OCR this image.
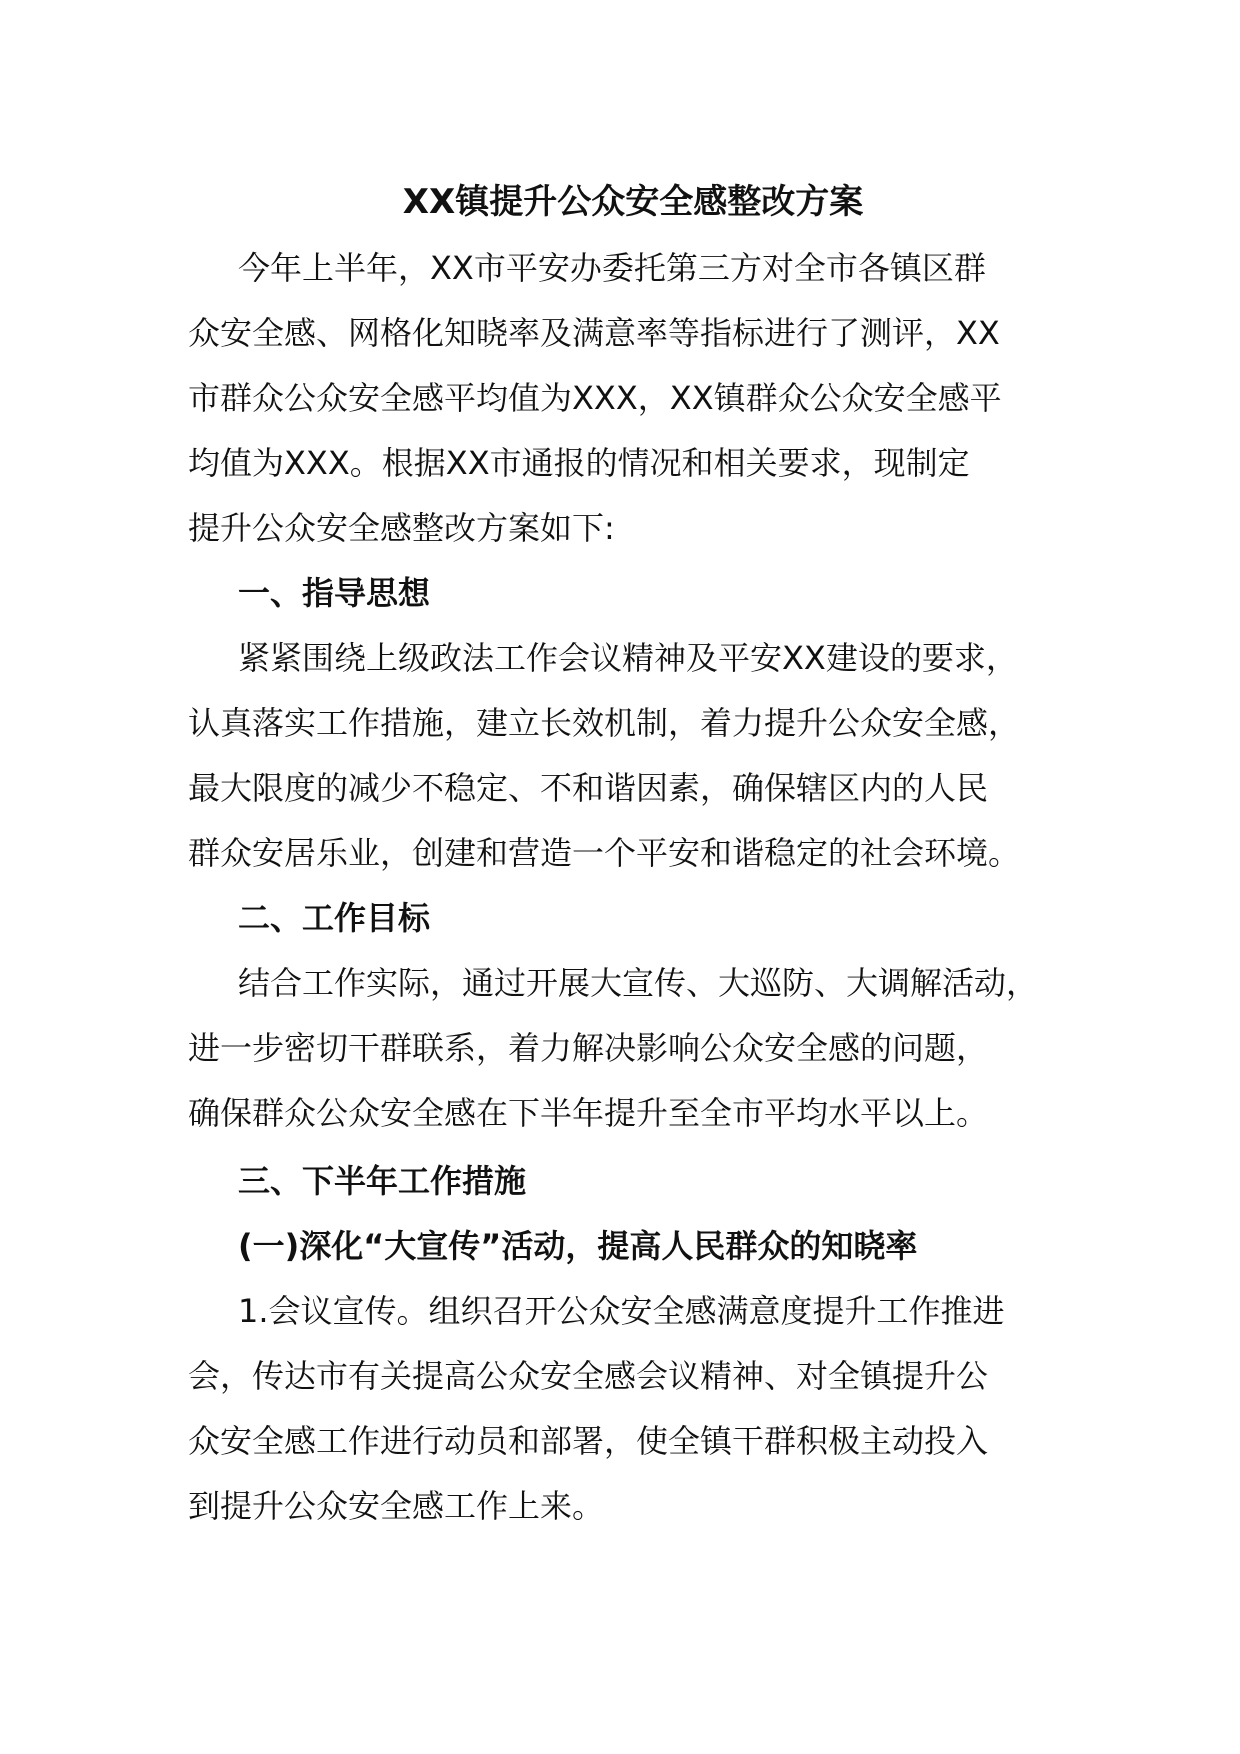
XX镇提升公众安全感整改方案
今年上半年，XX市平安办委托第三方对全市各镇区群
众安全感、网格化知晓率及满意率等指标进行了测评，XX
市群众公众安全感平均值为XXX，XX镇群众公众安全感平
均值为XXX。根据XX市通报的情况和相关要求，现制定
提升公众安全感整改方案如下:
一、指导思想
紧紧围绕上级政法工作会议精神及平安XX建设的要求，
认真落实工作措施，建立长效机制，着力提升公众安全感，
最大限度的减少不稳定、不和谐因素，确保辖区内的人民
群众安居乐业，创建和营造一个平安和谐稳定的社会环境。
二、工作目标
结合工作实际，通过开展大宣传、大巡防、大调解活动，
进一步密切干群联系，着力解决影响公众安全感的问题，
确保群众公众安全感在下半年提升至全市平均水平以上。
三、下半年工作措施
(一)深化“大宣传”活动，提高人民群众的知晓率
1.会议宣传。组织召开公众安全感满意度提升工作推进
会，传达市有关提高公众安全感会议精神、对全镇提升公
众安全感工作进行动员和部署，使全镇干群积极主动投入
到提升公众安全感工作上来。
